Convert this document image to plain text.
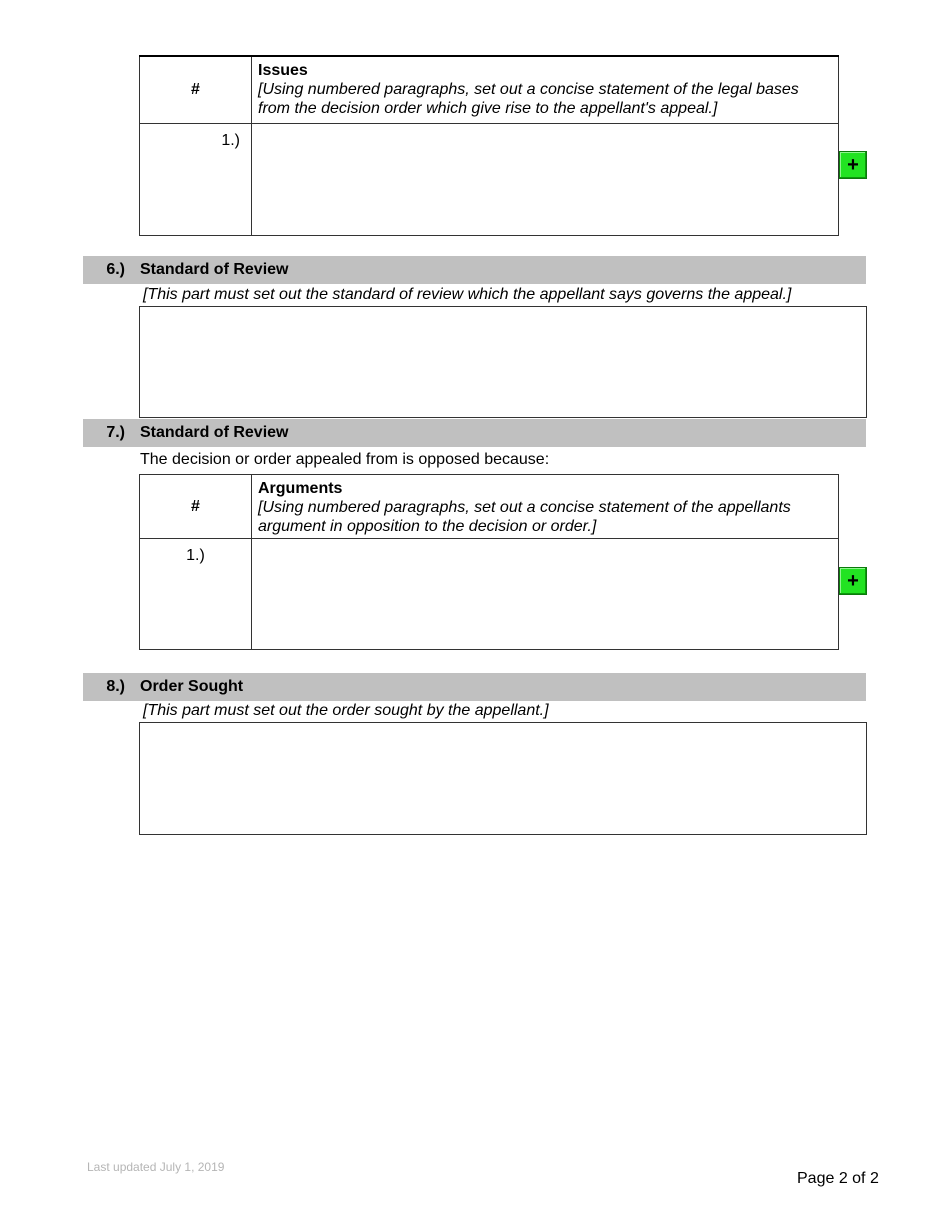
#	Issues
[Using numbered paragraphs, set out a concise statement of the legal bases from the decision order which give rise to the appellant's appeal.]

1.)	
+
6.) Standard of Review
[This part must set out the standard of review which the appellant says governs the appeal.]
7.) Standard of Review
The decision or order appealed from is opposed because:
#	Arguments
[Using numbered paragraphs, set out a concise statement of the appellants argument in opposition to the decision or order.]

1.)	
+
8.) Order Sought
[This part must set out the order sought by the appellant.]
Last updated July 1, 2019
Page 2 of 2
